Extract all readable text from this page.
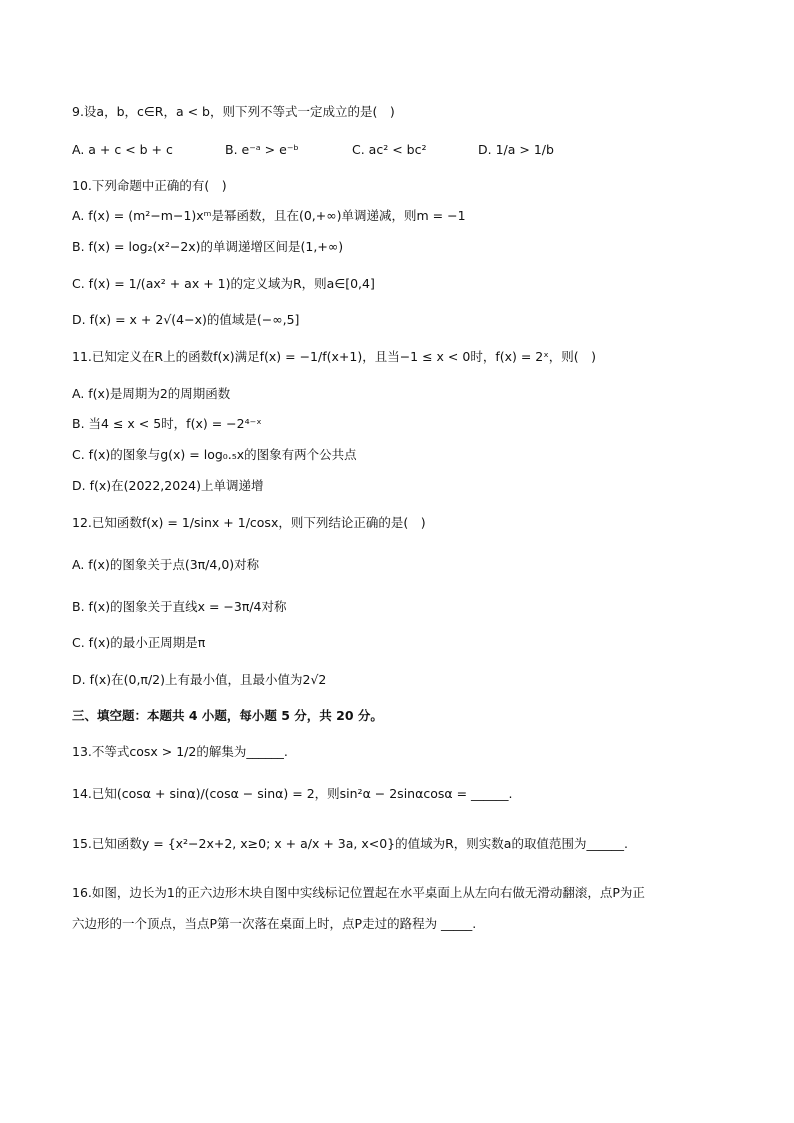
9.设a，b，c∈R，a < b，则下列不等式一定成立的是(　)
A. a + c < b + c	B. e⁻ᵃ > e⁻ᵇ	C. ac² < bc²	D. 1/a > 1/b
10.下列命题中正确的有(　)
A. f(x) = (m²−m−1)xᵐ是幂函数，且在(0,+∞)单调递减，则m = −1
B. f(x) = log₂(x²−2x)的单调递增区间是(1,+∞)
C. f(x) = 1/(ax² + ax + 1)的定义域为R，则a∈[0,4]
D. f(x) = x + 2√(4−x)的值域是(−∞,5]
11.已知定义在R上的函数f(x)满足f(x) = −1/f(x+1)，且当−1 ≤ x < 0时，f(x) = 2ˣ，则(　)
A. f(x)是周期为2的周期函数
B. 当4 ≤ x < 5时，f(x) = −2⁴⁻ˣ
C. f(x)的图象与g(x) = log₀.₅x的图象有两个公共点
D. f(x)在(2022,2024)上单调递增
12.已知函数f(x) = 1/sinx + 1/cosx，则下列结论正确的是(　)
A. f(x)的图象关于点(3π/4,0)对称
B. f(x)的图象关于直线x = −3π/4对称
C. f(x)的最小正周期是π
D. f(x)在(0,π/2)上有最小值，且最小值为2√2
三、填空题：本题共 4 小题，每小题 5 分，共 20 分。
13.不等式cosx > 1/2的解集为______.
14.已知(cosα + sinα)/(cosα − sinα) = 2，则sin²α − 2sinαcosα = ______.
15.已知函数y = {x²−2x+2, x≥0; x + a/x + 3a, x<0}的值域为R，则实数a的取值范围为______.
16.如图，边长为1的正六边形木块自图中实线标记位置起在水平桌面上从左向右做无滑动翻滚，点P为正
六边形的一个顶点，当点P第一次落在桌面上时，点P走过的路程为 _____.
